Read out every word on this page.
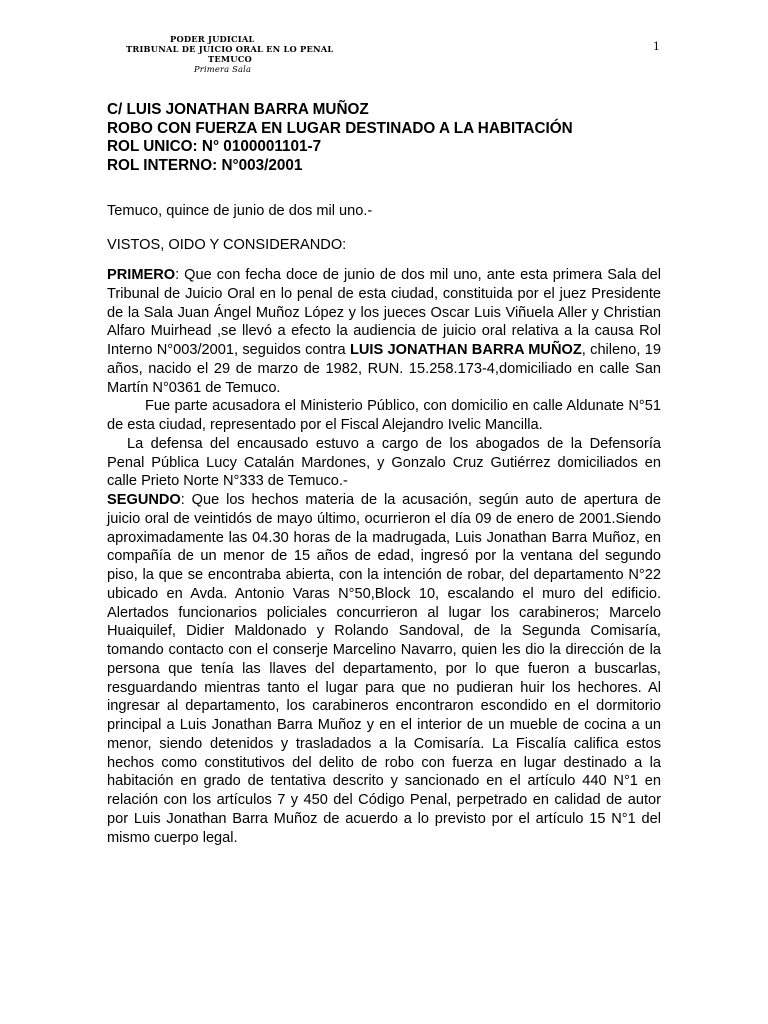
PODER JUDICIAL
TRIBUNAL DE JUICIO ORAL EN LO PENAL
TEMUCO
Primera Sala
1
C/ LUIS JONATHAN BARRA MUÑOZ
ROBO CON FUERZA EN LUGAR DESTINADO A LA HABITACIÓN
ROL UNICO: N° 0100001101-7
ROL INTERNO: N°003/2001
Temuco, quince de junio de dos mil uno.-
VISTOS, OIDO Y CONSIDERANDO:

PRIMERO: Que con fecha doce de junio de dos mil uno, ante esta primera Sala del Tribunal de Juicio Oral en lo penal de esta ciudad, constituida por el juez Presidente de la Sala Juan Ángel Muñoz López y los jueces Oscar Luis Viñuela Aller y Christian Alfaro Muirhead ,se llevó a efecto la audiencia de juicio oral relativa a la causa Rol Interno N°003/2001, seguidos contra LUIS JONATHAN BARRA MUÑOZ, chileno, 19 años, nacido el 29 de marzo de 1982, RUN. 15.258.173-4,domiciliado en calle San Martín N°0361 de Temuco.

Fue parte acusadora el Ministerio Público, con domicilio en calle Aldunate N°51 de esta ciudad, representado por el Fiscal Alejandro Ivelic Mancilla.

La defensa del encausado estuvo a cargo de los abogados de la Defensoría Penal Pública Lucy Catalán Mardones, y Gonzalo Cruz Gutiérrez domiciliados en calle Prieto Norte N°333 de Temuco.-

SEGUNDO: Que los hechos materia de la acusación, según auto de apertura de juicio oral de veintidós de mayo último, ocurrieron el día 09 de enero de 2001.Siendo aproximadamente las 04.30 horas de la madrugada, Luis Jonathan Barra Muñoz, en compañía de un menor de 15 años de edad, ingresó por la ventana del segundo piso, la que se encontraba abierta, con la intención de robar, del departamento N°22 ubicado en Avda. Antonio Varas N°50,Block 10, escalando el muro del edificio. Alertados funcionarios policiales concurrieron al lugar los carabineros; Marcelo Huaiquilef, Didier Maldonado y Rolando Sandoval, de la Segunda Comisaría, tomando contacto con el conserje Marcelino Navarro, quien les dio la dirección de la persona que tenía las llaves del departamento, por lo que fueron a buscarlas, resguardando mientras tanto el lugar para que no pudieran huir los hechores. Al ingresar al departamento, los carabineros encontraron escondido en el dormitorio principal a Luis Jonathan Barra Muñoz y en el interior de un mueble de cocina a un menor, siendo detenidos y trasladados a la Comisaría. La Fiscalía califica estos hechos como constitutivos del delito de robo con fuerza en lugar destinado a la habitación en grado de tentativa descrito y sancionado en el artículo 440 N°1 en relación con los artículos 7 y 450 del Código Penal, perpetrado en calidad de autor por Luis Jonathan Barra Muñoz de acuerdo a lo previsto por el artículo 15 N°1 del mismo cuerpo legal.
